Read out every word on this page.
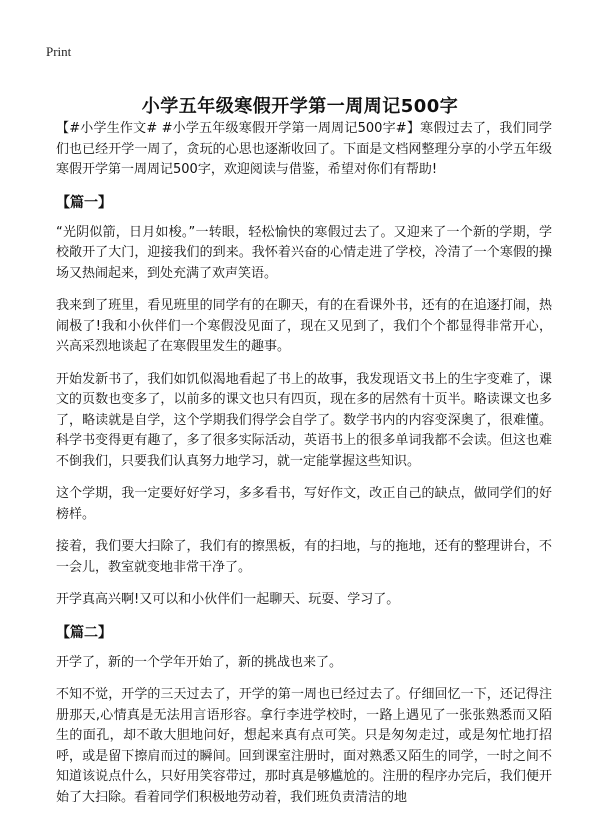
Print
小学五年级寒假开学第一周周记500字

【#小学生作文# #小学五年级寒假开学第一周周记500字#】寒假过去了，我们同学们也已经开学一周了，贪玩的心思也逐渐收回了。下面是文档网整理分享的小学五年级寒假开学第一周周记500字，欢迎阅读与借鉴，希望对你们有帮助!

【篇一】

“光阴似箭，日月如梭。”一转眼，轻松愉快的寒假过去了。又迎来了一个新的学期，学校敞开了大门，迎接我们的到来。我怀着兴奋的心情走进了学校，冷清了一个寒假的操场又热闹起来，到处充满了欢声笑语。

我来到了班里，看见班里的同学有的在聊天，有的在看课外书，还有的在追逐打闹，热闹极了!我和小伙伴们一个寒假没见面了，现在又见到了，我们个个都显得非常开心，兴高采烈地谈起了在寒假里发生的趣事。

开始发新书了，我们如饥似渴地看起了书上的故事，我发现语文书上的生字变难了，课文的页数也变多了，以前多的课文也只有四页，现在多的居然有十页半。略读课文也多了，略读就是自学，这个学期我们得学会自学了。数学书内的内容变深奥了，很难懂。科学书变得更有趣了，多了很多实际活动，英语书上的很多单词我都不会读。但这也难不倒我们，只要我们认真努力地学习，就一定能掌握这些知识。

这个学期，我一定要好好学习，多多看书，写好作文，改正自己的缺点，做同学们的好榜样。

接着，我们要大扫除了，我们有的擦黑板，有的扫地，与的拖地，还有的整理讲台，不一会儿，教室就变地非常干净了。

开学真高兴啊!又可以和小伙伴们一起聊天、玩耍、学习了。

【篇二】

开学了，新的一个学年开始了，新的挑战也来了。

不知不觉，开学的三天过去了，开学的第一周也已经过去了。仔细回忆一下，还记得注册那天,心情真是无法用言语形容。拿行李进学校时，一路上遇见了一张张熟悉而又陌生的面孔，却不敢大胆地问好，想起来真有点可笑。只是匆匆走过，或是匆忙地打招呼，或是留下擦肩而过的瞬间。回到课室注册时，面对熟悉又陌生的同学，一时之间不知道该说点什么，只好用笑容带过，那时真是够尴尬的。注册的程序办完后，我们便开始了大扫除。看着同学们积极地劳动着，我们班负责清洁的地
